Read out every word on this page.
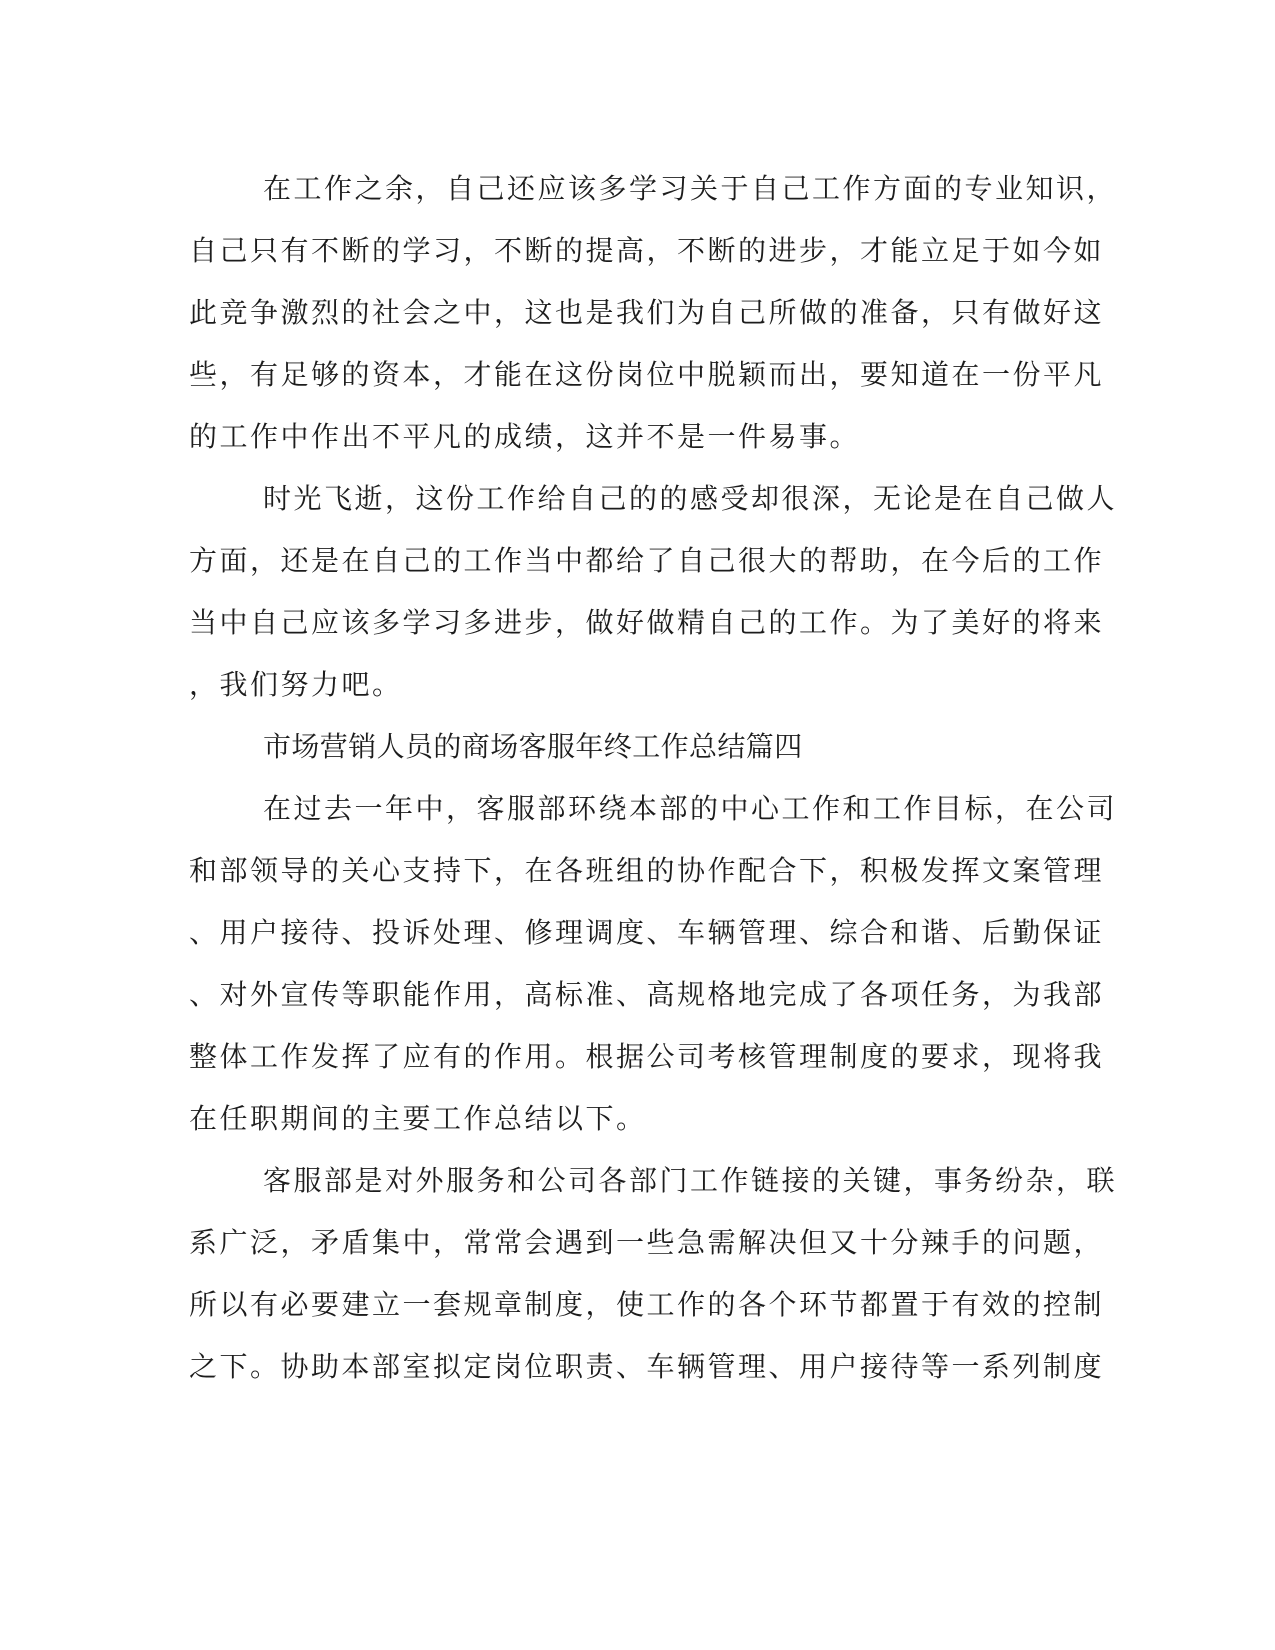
在工作之余，自己还应该多学习关于自己工作方面的专业知识，
自己只有不断的学习，不断的提高，不断的进步，才能立足于如今如
此竞争激烈的社会之中，这也是我们为自己所做的准备，只有做好这
些，有足够的资本，才能在这份岗位中脱颖而出，要知道在一份平凡
的工作中作出不平凡的成绩，这并不是一件易事。
时光飞逝，这份工作给自己的的感受却很深，无论是在自己做人
方面，还是在自己的工作当中都给了自己很大的帮助，在今后的工作
当中自己应该多学习多进步，做好做精自己的工作。为了美好的将来
，我们努力吧。
市场营销人员的商场客服年终工作总结篇四
在过去一年中，客服部环绕本部的中心工作和工作目标，在公司
和部领导的关心支持下，在各班组的协作配合下，积极发挥文案管理
、用户接待、投诉处理、修理调度、车辆管理、综合和谐、后勤保证
、对外宣传等职能作用，高标准、高规格地完成了各项任务，为我部
整体工作发挥了应有的作用。根据公司考核管理制度的要求，现将我
在任职期间的主要工作总结以下。
客服部是对外服务和公司各部门工作链接的关键，事务纷杂，联
系广泛，矛盾集中，常常会遇到一些急需解决但又十分辣手的问题，
所以有必要建立一套规章制度，使工作的各个环节都置于有效的控制
之下。协助本部室拟定岗位职责、车辆管理、用户接待等一系列制度
